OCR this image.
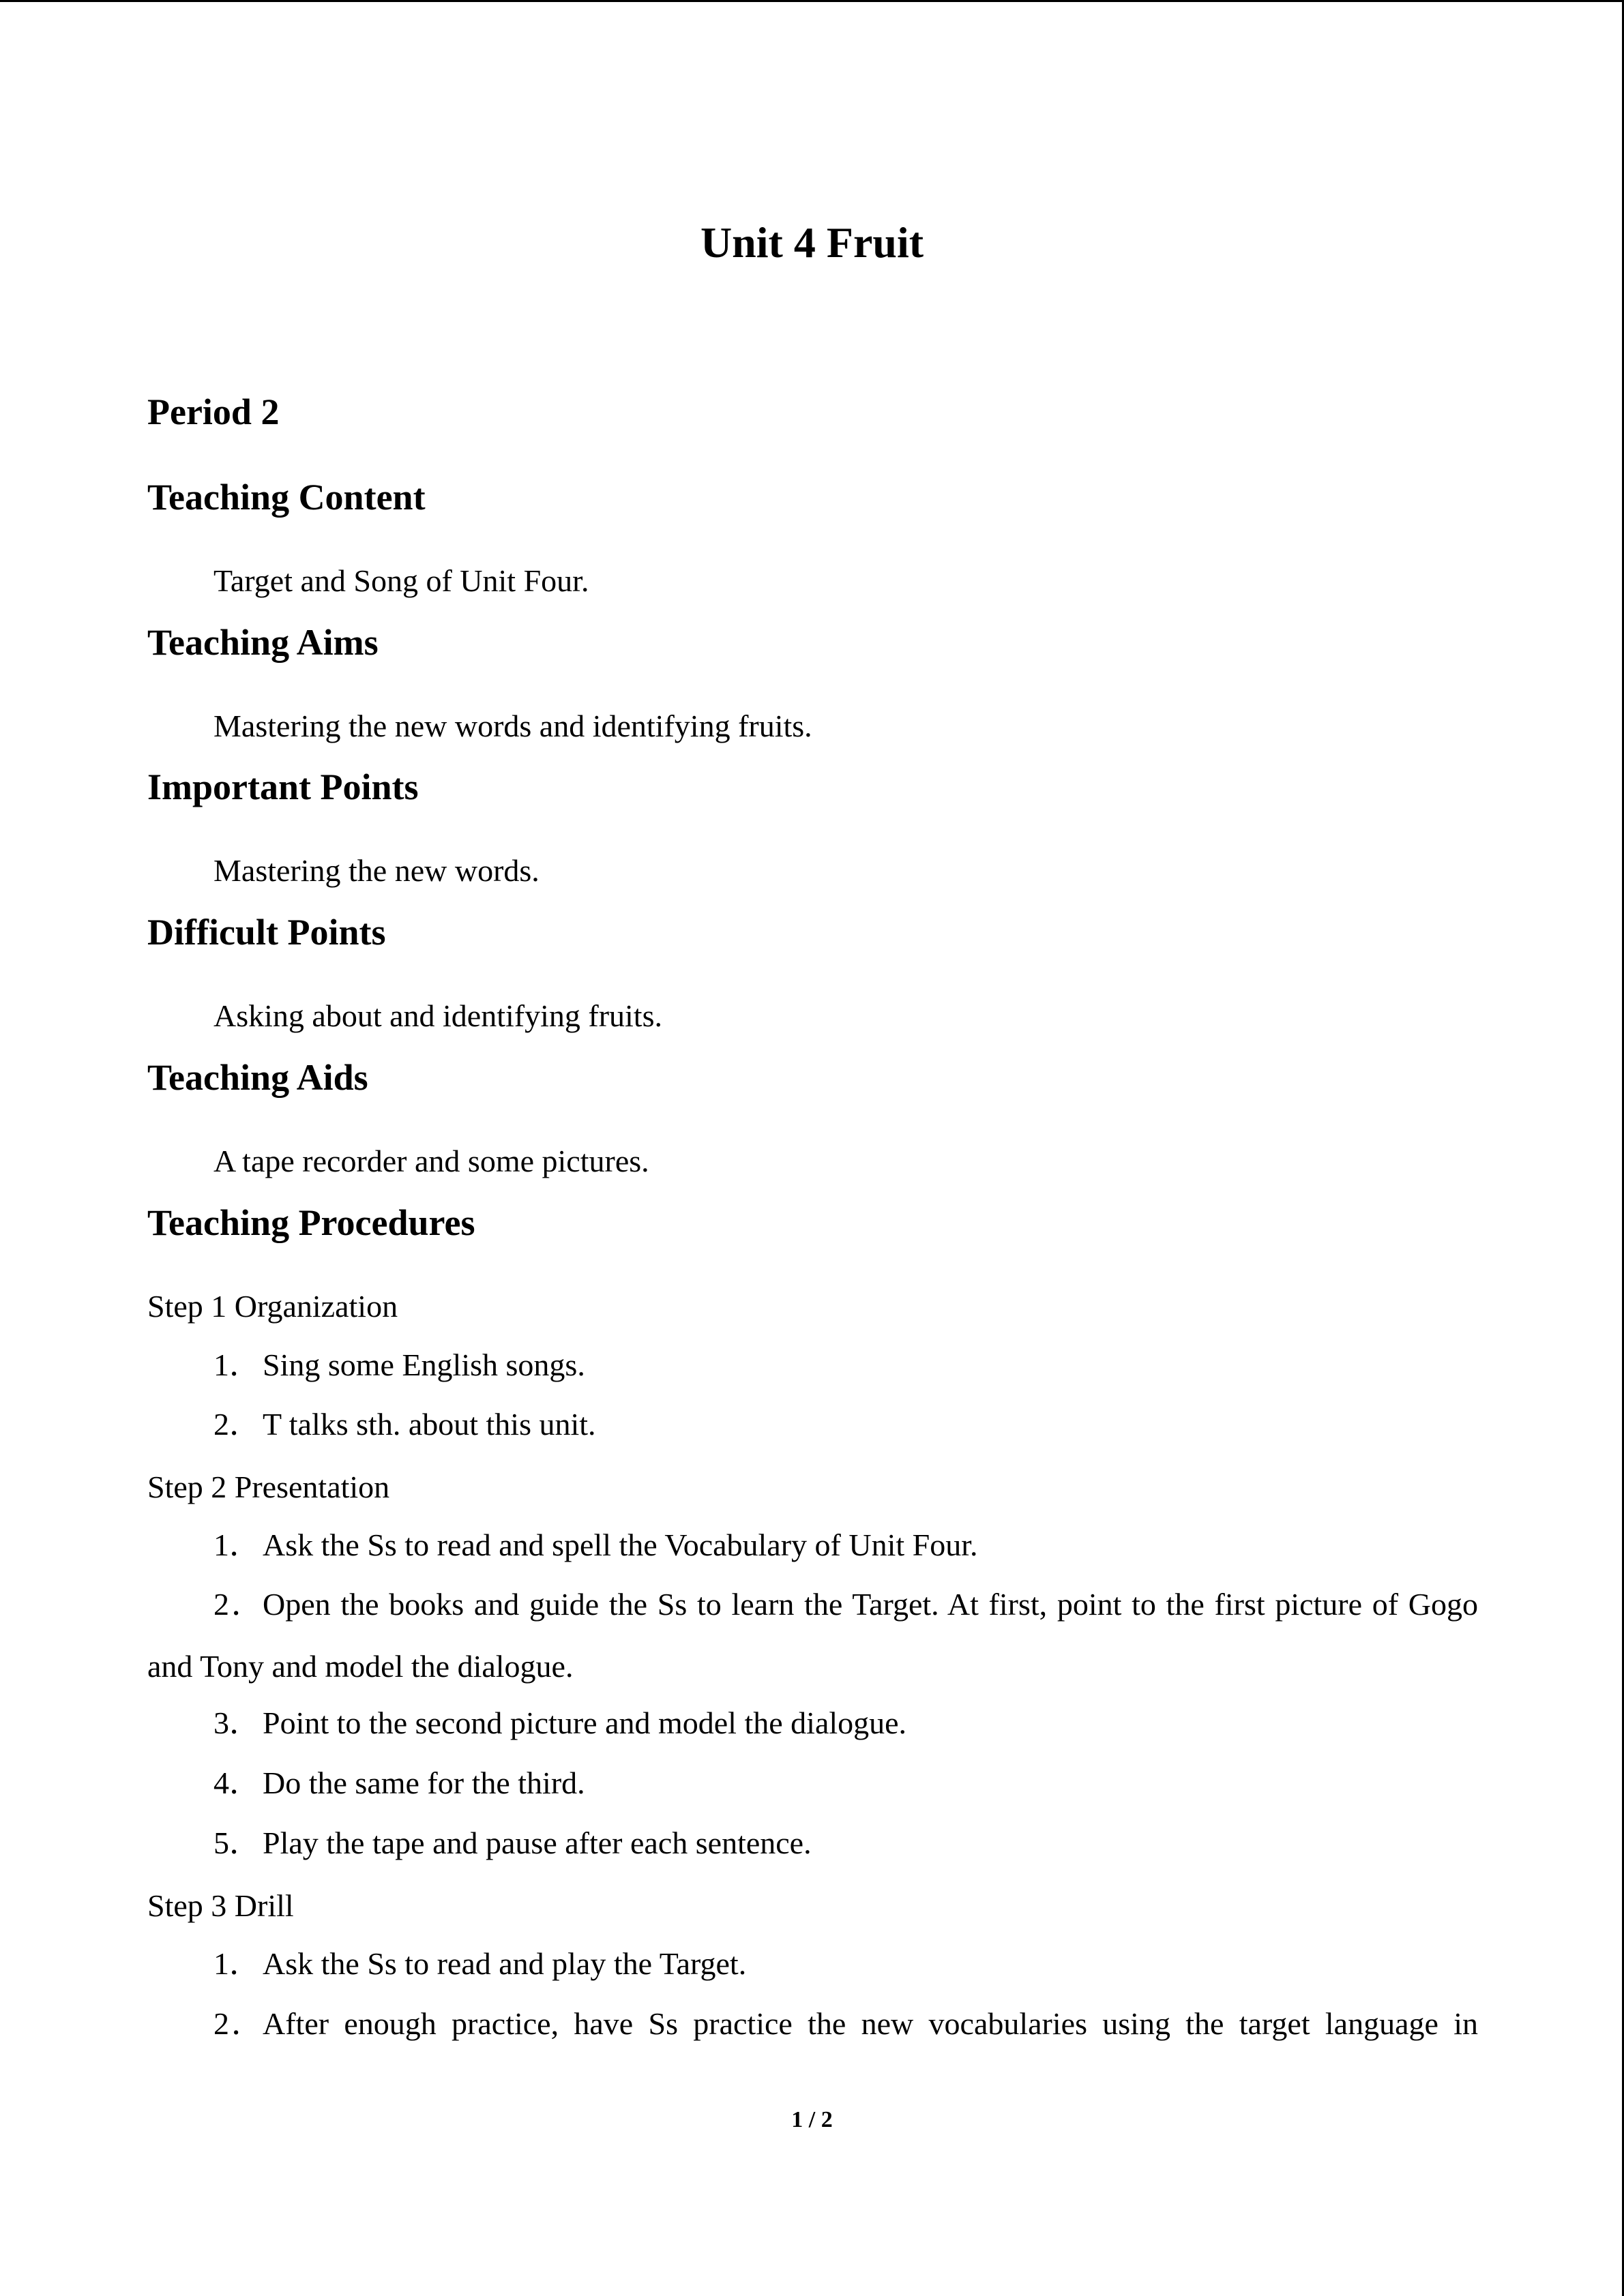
Unit 4 Fruit
Period 2
Teaching Content

Target and Song of Unit Four.

Teaching Aims

Mastering the new words and identifying fruits.

Important Points

Mastering the new words.

Difficult Points

Asking about and identifying fruits.

Teaching Aids

A tape recorder and some pictures.

Teaching Procedures

Step 1 Organization

1．Sing some English songs.

2．T talks sth. about this unit.

Step 2 Presentation

1．Ask the Ss to read and spell the Vocabulary of Unit Four.

2．Open the books and guide the Ss to learn the Target. At first, point to the first picture of Gogo

and Tony and model the dialogue.

3．Point to the second picture and model the dialogue.

4．Do the same for the third.

5．Play the tape and pause after each sentence.

Step 3 Drill

1．Ask the Ss to read and play the Target.

2．After enough practice, have Ss practice the new vocabularies using the target language in

1 / 2
